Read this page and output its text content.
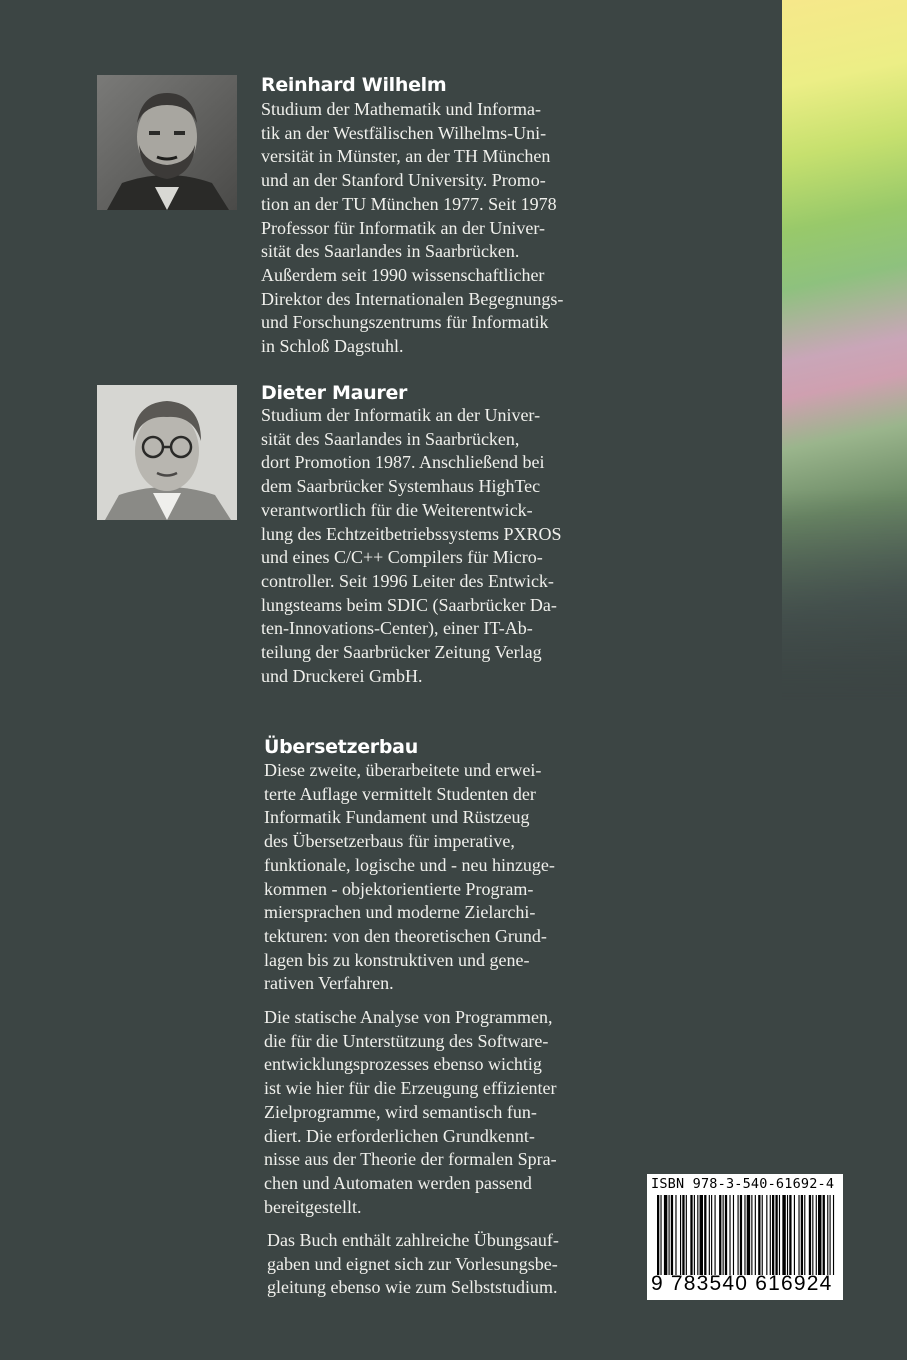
Reinhard Wilhelm

Studium der Mathematik und Informa-
tik an der Westfälischen Wilhelms-Uni-
versität in Münster, an der TH München
und an der Stanford University. Promo-
tion an der TU München 1977. Seit 1978
Professor für Informatik an der Univer-
sität des Saarlandes in Saarbrücken.
Außerdem seit 1990 wissenschaftlicher
Direktor des Internationalen Begegnungs-
und Forschungszentrums für Informatik
in Schloß Dagstuhl.

Dieter Maurer

Studium der Informatik an der Univer-
sität des Saarlandes in Saarbrücken,
dort Promotion 1987. Anschließend bei
dem Saarbrücker Systemhaus HighTec
verantwortlich für die Weiterentwick-
lung des Echtzeitbetriebssystems PXROS
und eines C/C++ Compilers für Micro-
controller. Seit 1996 Leiter des Entwick-
lungsteams beim SDIC (Saarbrücker Da-
ten-Innovations-Center), einer IT-Ab-
teilung der Saarbrücker Zeitung Verlag
und Druckerei GmbH.

Übersetzerbau

Diese zweite, überarbeitete und erwei-
terte Auflage vermittelt Studenten der
Informatik Fundament und Rüstzeug
des Übersetzerbaus für imperative,
funktionale, logische und - neu hinzuge-
kommen - objektorientierte Program-
miersprachen und moderne Zielarchi-
tekturen: von den theoretischen Grund-
lagen bis zu konstruktiven und gene-
rativen Verfahren.

Die statische Analyse von Programmen,
die für die Unterstützung des Software-
entwicklungsprozesses ebenso wichtig
ist wie hier für die Erzeugung effizienter
Zielprogramme, wird semantisch fun-
diert. Die erforderlichen Grundkennt-
nisse aus der Theorie der formalen Spra-
chen und Automaten werden passend
bereitgestellt.

Das Buch enthält zahlreiche Übungsauf-
gaben und eignet sich zur Vorlesungsbe-
gleitung ebenso wie zum Selbststudium.

ISBN 978-3-540-61692-4
9 783540 616924
